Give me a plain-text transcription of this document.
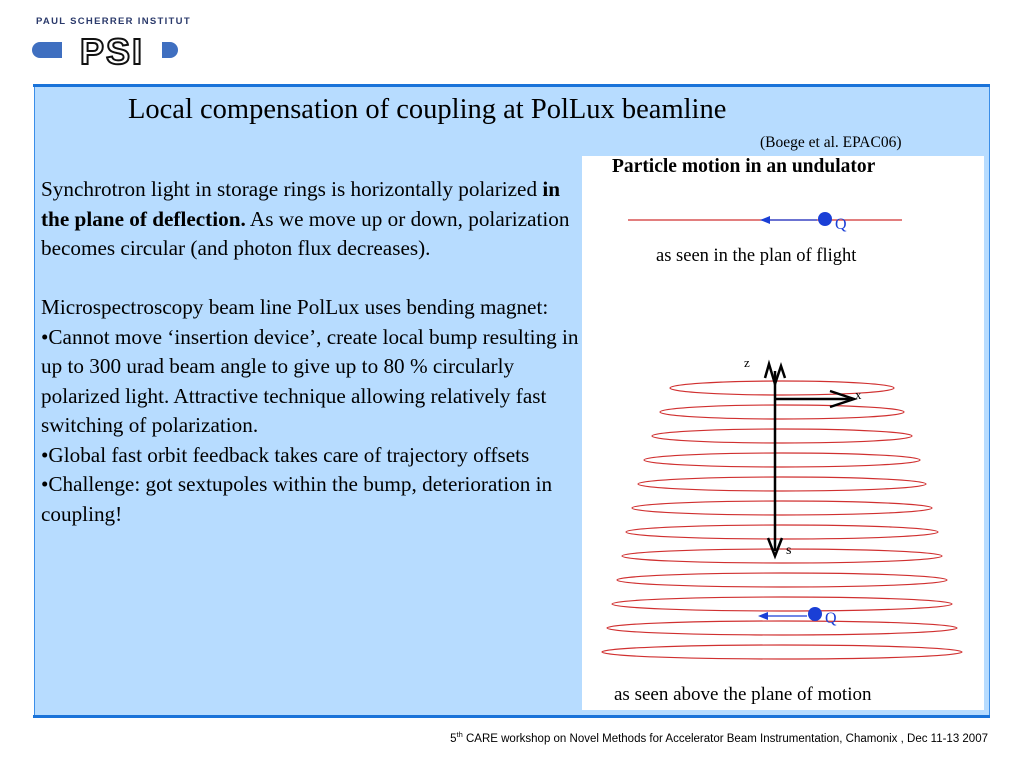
PAUL SCHERRER INSTITUT
PSI
Local compensation of coupling at PolLux beamline
(Boege et al. EPAC06)

Synchrotron light in storage rings is horizontally polarized in the plane of deflection. As we move up or down, polarization becomes circular (and photon flux decreases).

Microspectroscopy beam line PolLux uses bending magnet:

•Cannot move ‘insertion device’, create local bump resulting in up to 300 urad beam angle to give up to 80 % circularly polarized light. Attractive technique allowing relatively fast switching of polarization.

•Global fast orbit feedback takes care of trajectory offsets

•Challenge: got sextupoles within the bump, deterioration in coupling!

Q
z
x
s
Q
Particle motion in an undulator
as seen in the plan of flight
as seen above the plane of motion
5th CARE workshop on Novel Methods for Accelerator Beam Instrumentation, Chamonix , Dec 11-13 2007
